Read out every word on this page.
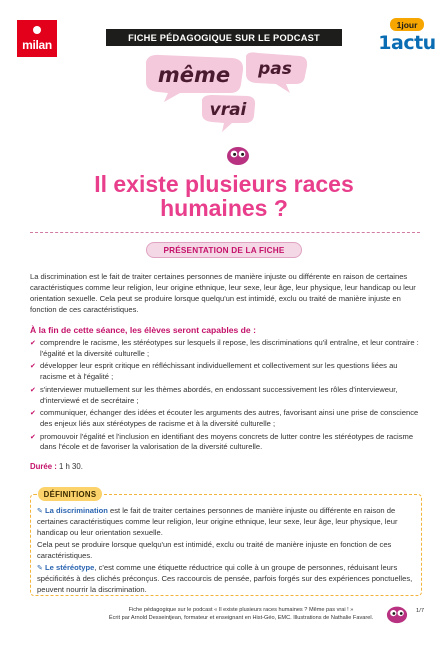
milan
FICHE PÉDAGOGIQUE SUR LE PODCAST
1jour
1actu
même pas
vrai
Il existe plusieurs races humaines ?
PRÉSENTATION DE LA FICHE

La discrimination est le fait de traiter certaines personnes de manière injuste ou différente en raison de certaines caractéristiques comme leur religion, leur origine ethnique, leur sexe, leur âge, leur physique, leur handicap ou leur orientation sexuelle. Cela peut se produire lorsque quelqu'un est intimidé, exclu ou traité de manière injuste en fonction de ces caractéristiques.

À la fin de cette séance, les élèves seront capables de :
✔ comprendre le racisme, les stéréotypes sur lesquels il repose, les discriminations qu'il entraîne, et leur contraire : l'égalité et la diversité culturelle ;
✔ développer leur esprit critique en réfléchissant individuellement et collectivement sur les questions liées au racisme et à l'égalité ;
✔ s'interviewer mutuellement sur les thèmes abordés, en endossant successivement les rôles d'intervieweur, d'interviewé et de secrétaire ;
✔ communiquer, échanger des idées et écouter les arguments des autres, favorisant ainsi une prise de conscience des enjeux liés aux stéréotypes de racisme et à la diversité culturelle ;
✔ promouvoir l'égalité et l'inclusion en identifiant des moyens concrets de lutter contre les stéréotypes de racisme dans l'école et de favoriser la valorisation de la diversité culturelle.
Durée : 1 h 30.
DÉFINITIONS

✎ La discrimination est le fait de traiter certaines personnes de manière injuste ou différente en raison de certaines caractéristiques comme leur religion, leur origine ethnique, leur sexe, leur âge, leur physique, leur handicap ou leur orientation sexuelle.

Cela peut se produire lorsque quelqu'un est intimidé, exclu ou traité de manière injuste en fonction de ces caractéristiques.

✎ Le stéréotype, c'est comme une étiquette réductrice qui colle à un groupe de personnes, réduisant leurs spécificités à des clichés préconçus. Ces raccourcis de pensée, parfois forgés sur des expériences ponctuelles, peuvent nourrir la discrimination.

Fiche pédagogique sur le podcast « Il existe plusieurs races humaines ? Même pas vrai ! »
Écrit par Arnold Desseintjean, formateur et enseignant en Hist-Géo, EMC. Illustrations de Nathalie Favarel.
1/7
